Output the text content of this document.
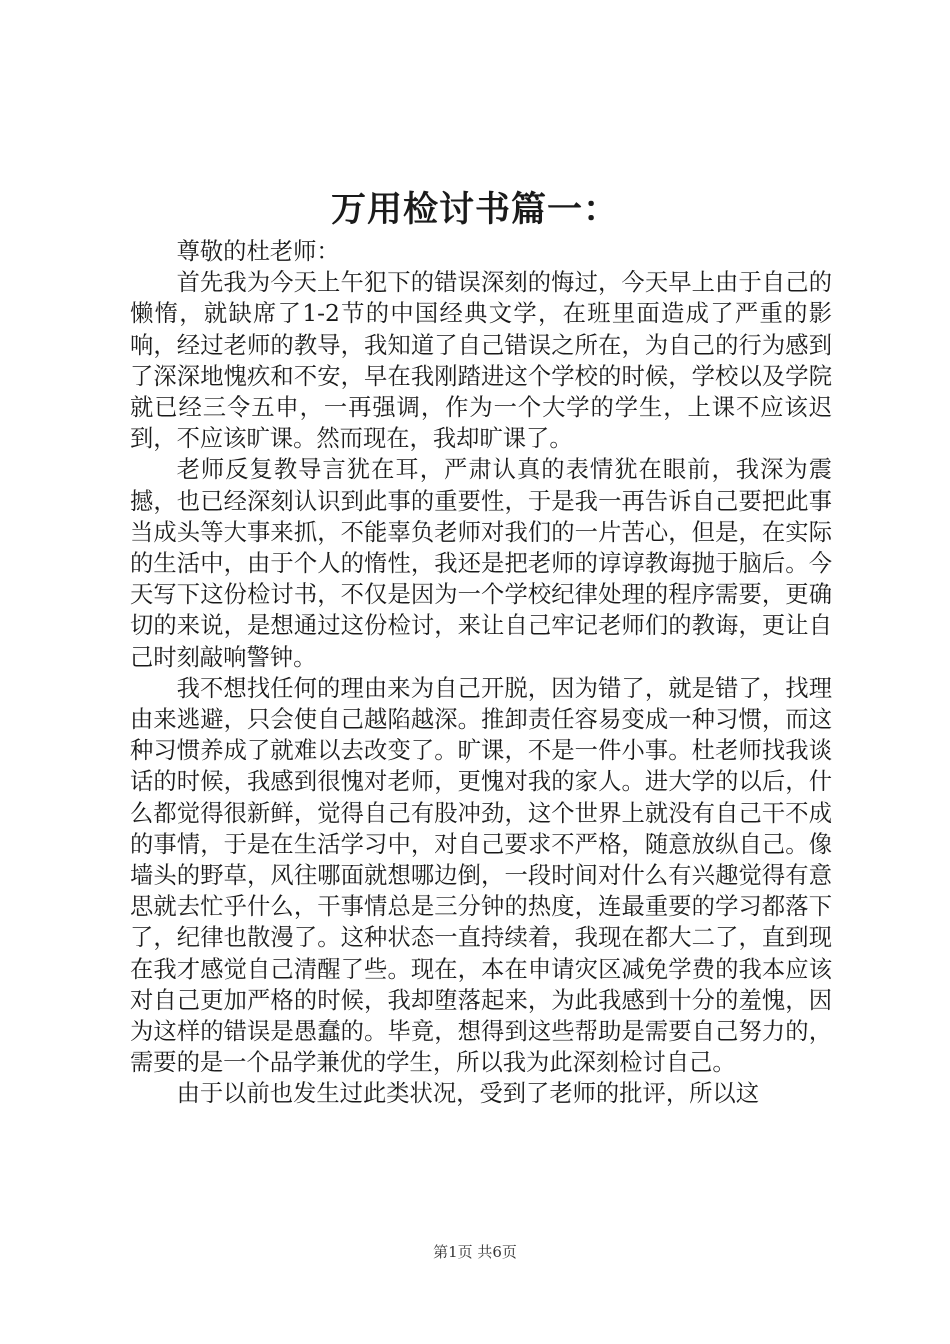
万用检讨书篇一：

尊敬的杜老师：

首先我为今天上午犯下的错误深刻的悔过，今天早上由于自己的懒惰，就缺席了1-2节的中国经典文学，在班里面造成了严重的影响，经过老师的教导，我知道了自己错误之所在，为自己的行为感到了深深地愧疚和不安，早在我刚踏进这个学校的时候，学校以及学院就已经三令五申，一再强调，作为一个大学的学生，上课不应该迟到，不应该旷课。然而现在，我却旷课了。

老师反复教导言犹在耳，严肃认真的表情犹在眼前，我深为震撼，也已经深刻认识到此事的重要性，于是我一再告诉自己要把此事当成头等大事来抓，不能辜负老师对我们的一片苦心，但是，在实际的生活中，由于个人的惰性，我还是把老师的谆谆教诲抛于脑后。今天写下这份检讨书，不仅是因为一个学校纪律处理的程序需要，更确切的来说，是想通过这份检讨，来让自己牢记老师们的教诲，更让自己时刻敲响警钟。

我不想找任何的理由来为自己开脱，因为错了，就是错了，找理由来逃避，只会使自己越陷越深。推卸责任容易变成一种习惯，而这种习惯养成了就难以去改变了。旷课，不是一件小事。杜老师找我谈话的时候，我感到很愧对老师，更愧对我的家人。进大学的以后，什么都觉得很新鲜，觉得自己有股冲劲，这个世界上就没有自己干不成的事情，于是在生活学习中，对自己要求不严格，随意放纵自己。像墙头的野草，风往哪面就想哪边倒，一段时间对什么有兴趣觉得有意思就去忙乎什么，干事情总是三分钟的热度，连最重要的学习都落下了，纪律也散漫了。这种状态一直持续着，我现在都大二了，直到现在我才感觉自己清醒了些。现在，本在申请灾区减免学费的我本应该对自己更加严格的时候，我却堕落起来，为此我感到十分的羞愧，因为这样的错误是愚蠢的。毕竟，想得到这些帮助是需要自己努力的，需要的是一个品学兼优的学生，所以我为此深刻检讨自己。

由于以前也发生过此类状况，受到了老师的批评，所以这

第1页 共6页
